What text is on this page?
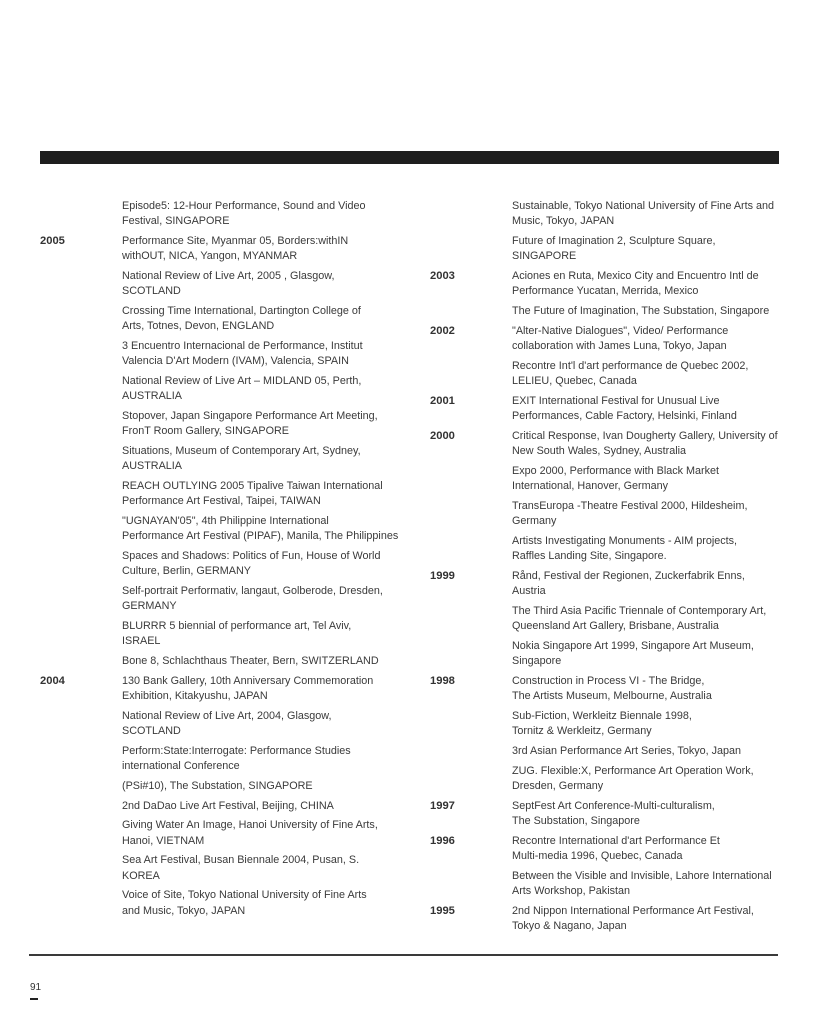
Episode5: 12-Hour Performance, Sound and Video
Festival, SINGAPORE
2005	Performance Site, Myanmar 05, Borders:withIN
withOUT, NICA, Yangon, MYANMAR
National Review of Live Art, 2005 , Glasgow,
SCOTLAND
Crossing Time International, Dartington College of
Arts, Totnes, Devon, ENGLAND
3 Encuentro Internacional de Performance, Institut
Valencia D'Art Modern (IVAM), Valencia, SPAIN
National Review of Live Art – MIDLAND 05, Perth,
AUSTRALIA
Stopover, Japan Singapore Performance Art Meeting,
FronT Room Gallery, SINGAPORE
Situations, Museum of Contemporary Art, Sydney,
AUSTRALIA
REACH OUTLYING 2005 Tipalive Taiwan International
Performance Art Festival, Taipei, TAIWAN
"UGNAYAN'05", 4th Philippine International
Performance Art Festival (PIPAF), Manila, The Philippines
Spaces and Shadows: Politics of Fun, House of World
Culture, Berlin, GERMANY
Self-portrait Performativ, langaut, Golberode, Dresden,
GERMANY
BLURRR 5 biennial of performance art, Tel Aviv,
ISRAEL
Bone 8, Schlachthaus Theater, Bern, SWITZERLAND
2004	130 Bank Gallery, 10th Anniversary Commemoration
Exhibition, Kitakyushu, JAPAN
National Review of Live Art, 2004, Glasgow,
SCOTLAND
Perform:State:Interrogate: Performance Studies
international Conference
(PSi#10), The Substation, SINGAPORE
2nd DaDao Live Art Festival, Beijing, CHINA
Giving Water An Image, Hanoi University of Fine Arts,
Hanoi, VIETNAM
Sea Art Festival, Busan Biennale 2004, Pusan, S.
KOREA
Voice of Site, Tokyo National University of Fine Arts
and Music, Tokyo, JAPAN
Sustainable, Tokyo National University of Fine Arts and
Music, Tokyo, JAPAN
Future of Imagination 2, Sculpture Square,
SINGAPORE
2003	Aciones en Ruta, Mexico City and Encuentro Intl de
Performance Yucatan, Merrida, Mexico
The Future of Imagination, The Substation, Singapore
2002	"Alter-Native Dialogues", Video/ Performance
collaboration with James Luna, Tokyo, Japan
Recontre Int'l d'art performance de Quebec 2002,
LELIEU, Quebec, Canada
2001	EXIT International Festival for Unusual Live
Performances, Cable Factory, Helsinki, Finland
2000	Critical Response, Ivan Dougherty Gallery, University of
New South Wales, Sydney, Australia
Expo 2000, Performance with Black Market
International, Hanover, Germany
TransEuropa -Theatre Festival 2000, Hildesheim,
Germany
Artists Investigating Monuments - AIM projects,
Raffles Landing Site, Singapore.
1999	Rånd, Festival der Regionen, Zuckerfabrik Enns,
Austria
The Third Asia Pacific Triennale of Contemporary Art,
Queensland Art Gallery, Brisbane, Australia
Nokia Singapore Art 1999, Singapore Art Museum,
Singapore
1998	Construction in Process VI - The Bridge,
The Artists Museum, Melbourne, Australia
Sub-Fiction, Werkleitz Biennale 1998,
Tornitz & Werkleitz, Germany
3rd Asian Performance Art Series, Tokyo, Japan
ZUG. Flexible:X, Performance Art Operation Work,
Dresden, Germany
1997	SeptFest Art Conference-Multi-culturalism,
The Substation, Singapore
1996	Recontre International d'art Performance Et
Multi-media 1996, Quebec, Canada
Between the Visible and Invisible, Lahore International
Arts Workshop, Pakistan
1995	2nd Nippon International Performance Art Festival,
Tokyo & Nagano, Japan
91
